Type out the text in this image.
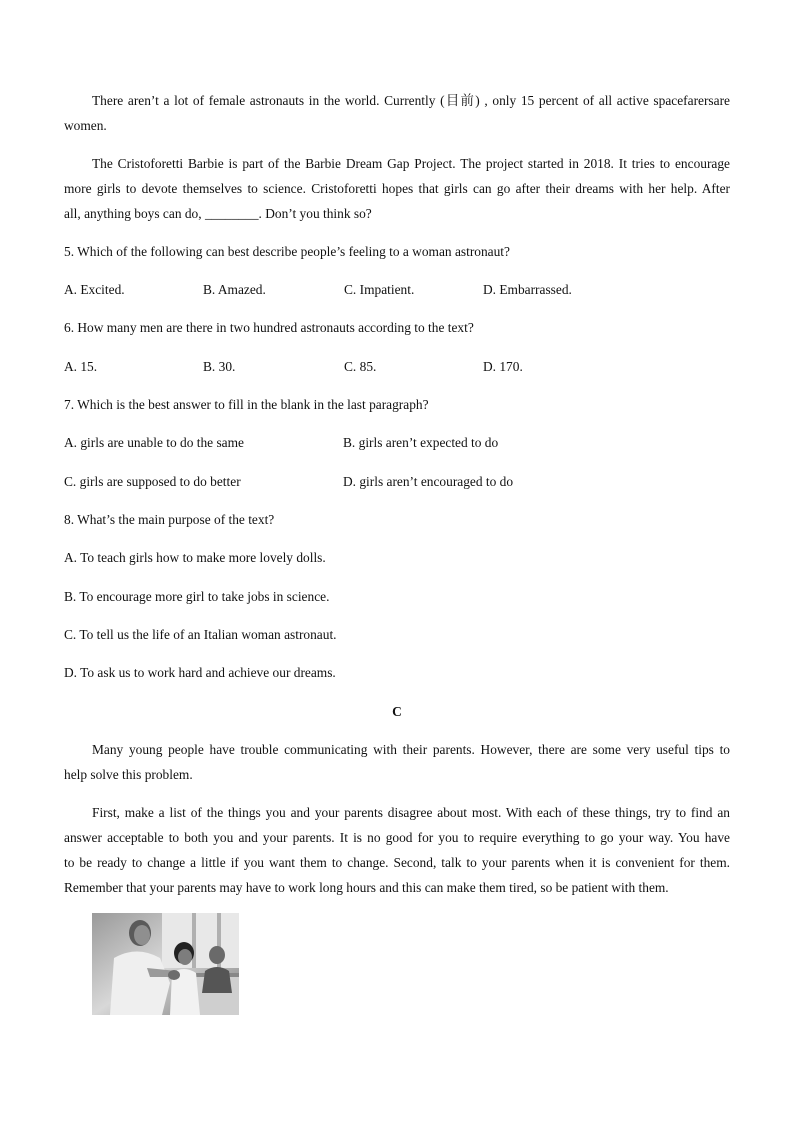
There aren’t a lot of female astronauts in the world. Currently (目前) , only 15 percent of all active spacefarersare
women.
The Cristoforetti Barbie is part of the Barbie Dream Gap Project. The project started in 2018. It tries to encourage
more girls to devote themselves to science. Cristoforetti hopes that girls can go after their dreams with her help. After
all, anything boys can do, ________. Don’t you think so?
5. Which of the following can best describe people’s feeling to a woman astronaut?
A. Excited.	B. Amazed.	C. Impatient.	D. Embarrassed.
6. How many men are there in two hundred astronauts according to the text?
A. 15.	B. 30.	C. 85.	D. 170.
7. Which is the best answer to fill in the blank in the last paragraph?
A. girls are unable to do the same	B. girls aren’t expected to do
C. girls are supposed to do better	D. girls aren’t encouraged to do
8. What’s the main purpose of the text?
A. To teach girls how to make more lovely dolls.
B. To encourage more girl to take jobs in science.
C. To tell us the life of an Italian woman astronaut.
D. To ask us to work hard and achieve our dreams.
C
Many young people have trouble communicating with their parents. However, there are some very useful tips to
help solve this problem.
First, make a list of the things you and your parents disagree about most. With each of these things, try to find an
answer acceptable to both you and your parents. It is no good for you to require everything to go your way. You have
to be ready to change a little if you want them to change. Second, talk to your parents when it is convenient for them.
Remember that your parents may have to work long hours and this can make them tired, so be patient with them.
